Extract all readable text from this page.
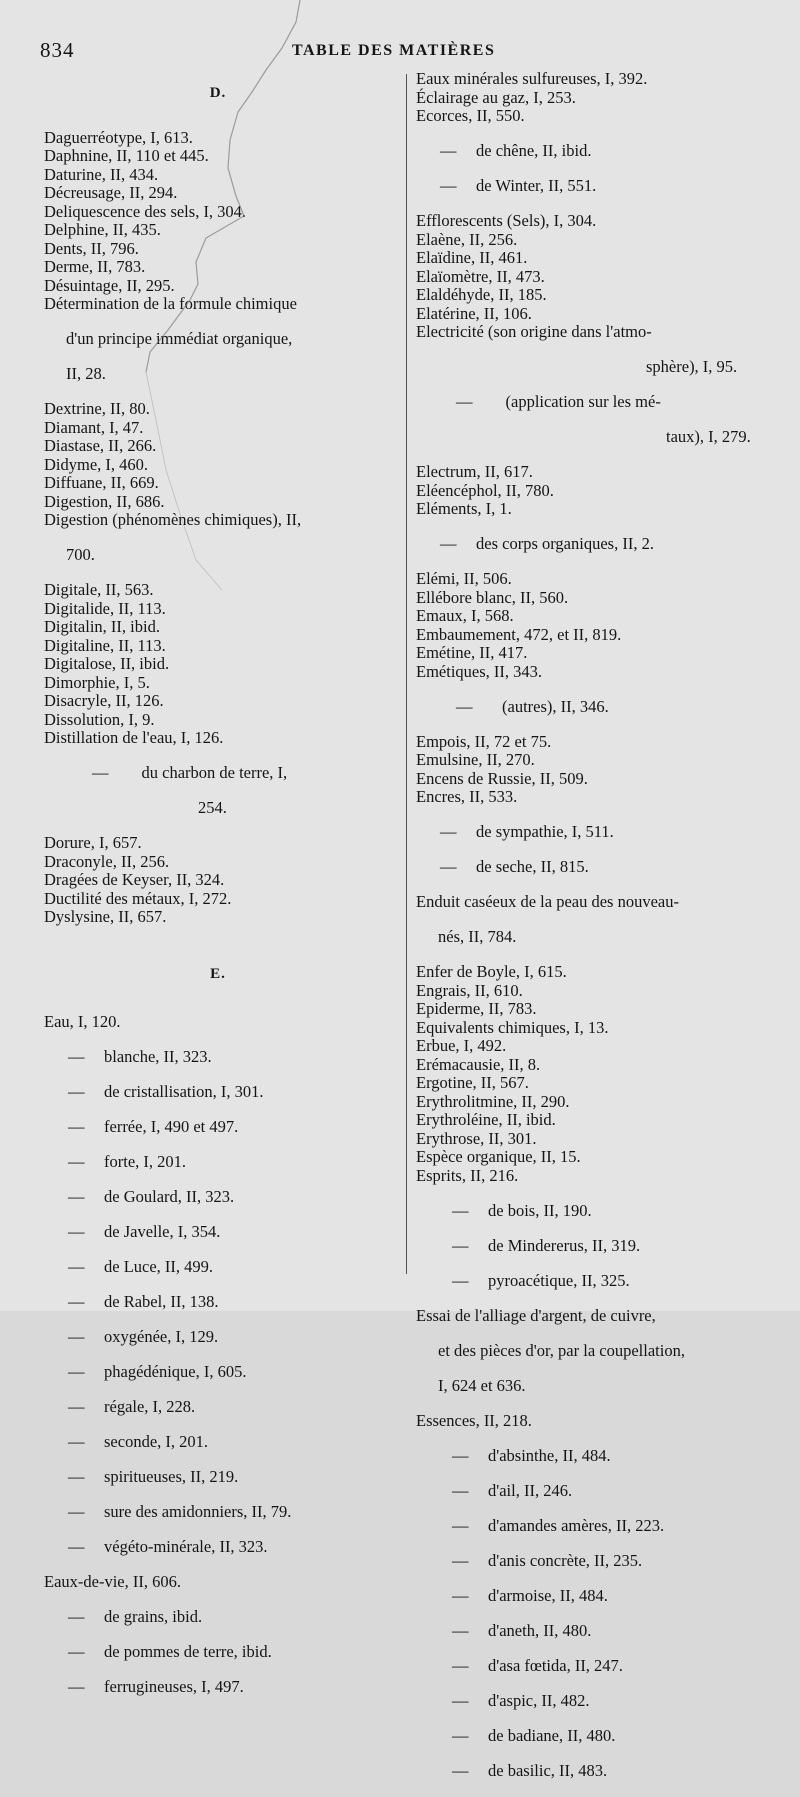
834	TABLE DES MATIÈRES

D.

Daguerréotype, I, 613.

Daphnine, II, 110 et 445.

Daturine, II, 434.

Décreusage, II, 294.

Deliquescence des sels, I, 304.

Delphine, II, 435.

Dents, II, 796.

Derme, II, 783.

Désuintage, II, 295.

Détermination de la formule chimique

d'un principe immédiat organique,

II, 28.

Dextrine, II, 80.

Diamant, I, 47.

Diastase, II, 266.

Didyme, I, 460.

Diffuane, II, 669.

Digestion, II, 686.

Digestion (phénomènes chimiques), II,

700.

Digitale, II, 563.

Digitalide, II, 113.

Digitalin, II, ibid.

Digitaline, II, 113.

Digitalose, II, ibid.

Dimorphie, I, 5.

Disacryle, II, 126.

Dissolution, I, 9.

Distillation de l'eau, I, 126.

—        du charbon de terre, I,

254.

Dorure, I, 657.

Draconyle, II, 256.

Dragées de Keyser, II, 324.

Ductilité des métaux, I, 272.

Dyslysine, II, 657.

E.

Eau, I, 120.

— blanche, II, 323.

— de cristallisation, I, 301.

— ferrée, I, 490 et 497.

— forte, I, 201.

— de Goulard, II, 323.

— de Javelle, I, 354.

— de Luce, II, 499.

— de Rabel, II, 138.

— oxygénée, I, 129.

— phagédénique, I, 605.

— régale, I, 228.

— seconde, I, 201.

— spiritueuses, II, 219.

— sure des amidonniers, II, 79.

— végéto-minérale, II, 323.

Eaux-de-vie, II, 606.

— de grains, ibid.

— de pommes de terre, ibid.

— ferrugineuses, I, 497.

Eaux minérales sulfureuses, I, 392.

Éclairage au gaz, I, 253.

Ecorces, II, 550.

— de chêne, II, ibid.

— de Winter, II, 551.

Efflorescents (Sels), I, 304.

Elaène, II, 256.

Elaïdine, II, 461.

Elaïomètre, II, 473.

Elaldéhyde, II, 185.

Elatérine, II, 106.

Electricité (son origine dans l'atmo-

sphère), I, 95.

—        (application sur les mé-

taux), I, 279.

Electrum, II, 617.

Eléencéphol, II, 780.

Eléments, I, 1.

— des corps organiques, II, 2.

Elémi, II, 506.

Ellébore blanc, II, 560.

Emaux, I, 568.

Embaumement, 472, et II, 819.

Emétine, II, 417.

Emétiques, II, 343.

— (autres), II, 346.

Empois, II, 72 et 75.

Emulsine, II, 270.

Encens de Russie, II, 509.

Encres, II, 533.

— de sympathie, I, 511.

— de seche, II, 815.

Enduit caséeux de la peau des nouveau-

nés, II, 784.

Enfer de Boyle, I, 615.

Engrais, II, 610.

Epiderme, II, 783.

Equivalents chimiques, I, 13.

Erbue, I, 492.

Erémacausie, II, 8.

Ergotine, II, 567.

Erythrolitmine, II, 290.

Erythroléine, II, ibid.

Erythrose, II, 301.

Espèce organique, II, 15.

Esprits, II, 216.

— de bois, II, 190.

— de Mindererus, II, 319.

— pyroacétique, II, 325.

Essai de l'alliage d'argent, de cuivre,

et des pièces d'or, par la coupellation,

I, 624 et 636.

Essences, II, 218.

— d'absinthe, II, 484.

— d'ail, II, 246.

— d'amandes amères, II, 223.

— d'anis concrète, II, 235.

— d'armoise, II, 484.

— d'aneth, II, 480.

— d'asa fœtida, II, 247.

— d'aspic, II, 482.

— de badiane, II, 480.

— de basilic, II, 483.
